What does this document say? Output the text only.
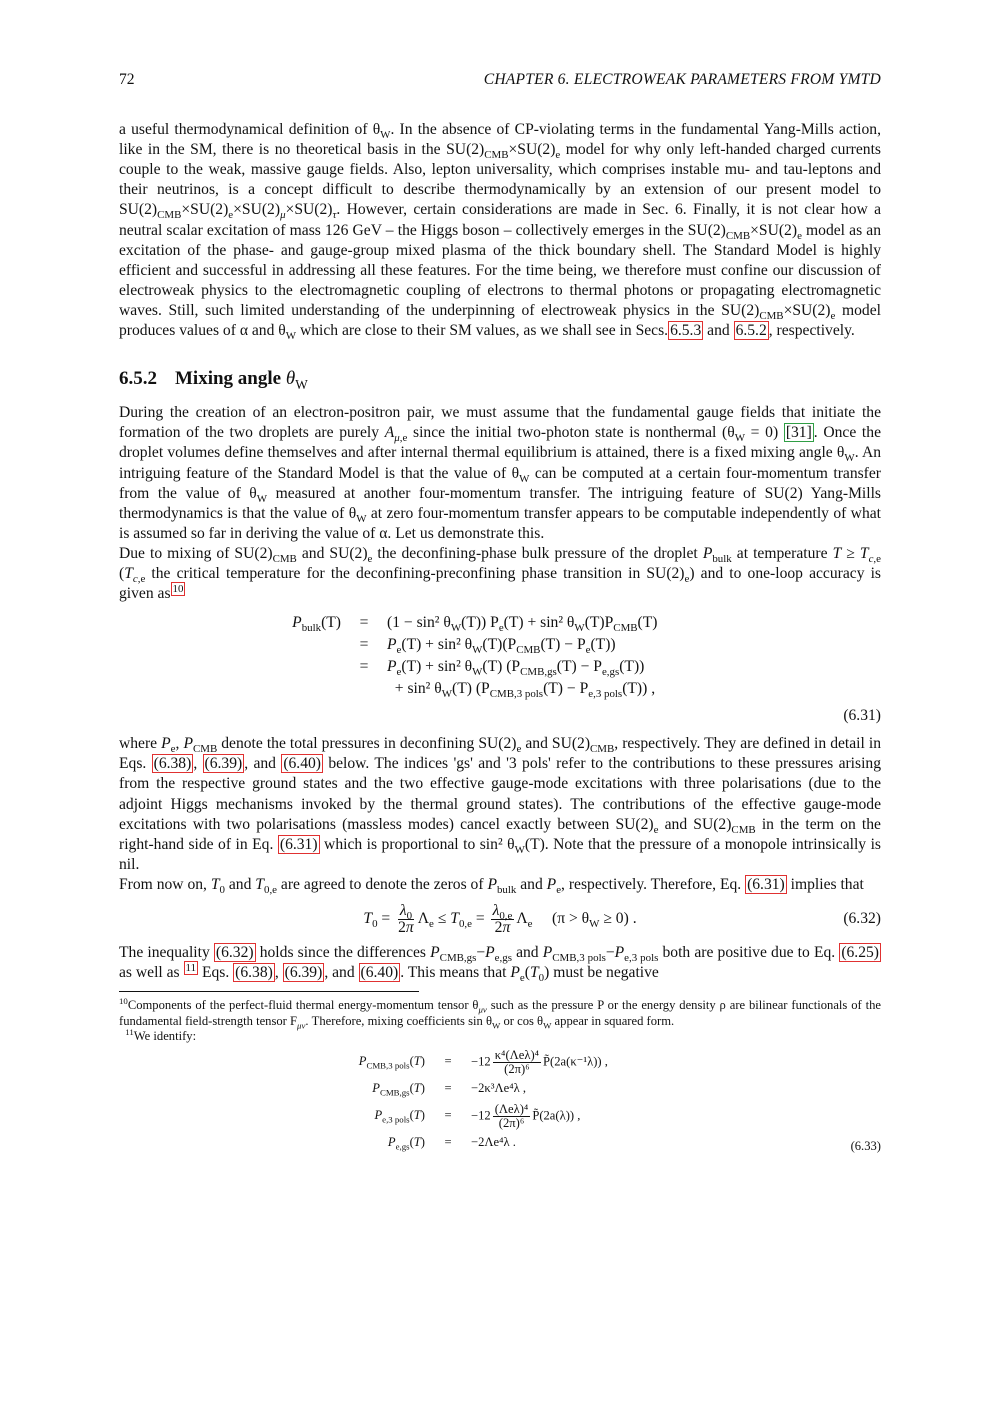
72	CHAPTER 6. ELECTROWEAK PARAMETERS FROM YMTD

a useful thermodynamical definition of $\theta_W$. In the absence of CP-violating terms in the fundamental Yang-Mills action, like in the SM, there is no theoretical basis in the $SU(2)_{CMB}\times SU(2)_e$ model for why only left-handed charged currents couple to the weak, massive gauge fields. Also, lepton universality, which comprises instable mu- and tau-leptons and their neutrinos, is a concept difficult to describe thermodynamically by an extension of our present model to $SU(2)_{CMB}\times SU(2)_e\times SU(2)_\mu\times SU(2)_\tau$. However, certain considerations are made in Sec. 6. Finally, it is not clear how a neutral scalar excitation of mass 126 GeV – the Higgs boson – collectively emerges in the $SU(2)_{CMB}\times SU(2)_e$ model as an excitation of the phase- and gauge-group mixed plasma of the thick boundary shell. The Standard Model is highly efficient and successful in addressing all these features. For the time being, we therefore must confine our discussion of electroweak physics to the electromagnetic coupling of electrons to thermal photons or propagating electromagnetic waves. Still, such limited understanding of the underpinning of electroweak physics in the $SU(2)_{CMB}\times SU(2)_e$ model produces values of α and $\theta_W$ which are close to their SM values, as we shall see in Secs. 6.5.3 and 6.5.2 , respectively.

6.5.2 Mixing angle $\theta_W$

During the creation of an electron-positron pair, we must assume that the fundamental gauge fields that initiate the formation of the two droplets are purely $A_{\mu,e}$ since the initial two-photon state is nonthermal $(\theta_W = 0)$ [31] . Once the droplet volumes define themselves and after internal thermal equilibrium is attained, there is a fixed mixing angle $\theta_W$. An intriguing feature of the Standard Model is that the value of $\theta_W$ can be computed at a certain four-momentum transfer from the value of $\theta_W$ measured at another four-momentum transfer. The intriguing feature of SU(2) Yang-Mills thermodynamics is that the value of $\theta_W$ at zero four-momentum transfer appears to be computable independently of what is assumed so far in deriving the value of α. Let us demonstrate this.

Due to mixing of $SU(2)_{CMB}$ and $SU(2)_e$ the deconfining-phase bulk pressure of the droplet $P_{bulk}$ at temperature $T \ge T_{c,e}$ ($T_{c,e}$ the critical temperature for the deconfining-preconfining phase transition in $SU(2)_e$) and to one-loop accuracy is given as $^{10}$

$P_{bulk}(T)$	=	(1 − sin² $\theta_W(T)$) $P_e(T) + \sin^2$ $\theta_W(T)P_{CMB}(T)$
=	$P_e(T) + \sin^2$ $\theta_W(T)(P_{CMB}(T) - P_e(T))$
=	$P_e(T) + \sin^2$ $\theta_W(T) (P_{CMB,gs}(T) - P_{e,gs}(T))$
+ sin² $\theta_W(T) (P_{CMB,3 pols}(T) - P_{e,3 pols}(T))$ ,
(6.31)

where $P_e$, $P_{CMB}$ denote the total pressures in deconfining $SU(2)_e$ and $SU(2)_{CMB}$, respectively. They are defined in detail in Eqs. (6.38) , (6.39) , and (6.40) below. The indices 'gs' and '3 pols' refer to the contributions to these pressures arising from the respective ground states and the two effective gauge-mode excitations with three polarisations (due to the adjoint Higgs mechanisms invoked by the thermal ground states). The contributions of the effective gauge-mode excitations with two polarisations (massless modes) cancel exactly between $SU(2)_e$ and $SU(2)_{CMB}$ in the term on the right-hand side of in Eq. (6.31) which is proportional to sin² $\theta_W(T)$. Note that the pressure of a monopole intrinsically is nil.

From now on, $T_0$ and $T_{0,e}$ are agreed to denote the zeros of $P_{bulk}$ and $P_e$, respectively. Therefore, Eq. (6.31) implies that

$T_0 = \frac{\lambda_0}{2\pi} \Lambda_e \le T_{0,e} = \frac{\lambda_{0,e}}{2\pi} \Lambda_e$ $(\pi > \theta_W \ge 0)$ .	(6.32)

The inequality (6.32) holds since the differences $P_{CMB,gs}-P_{e,gs}$ and $P_{CMB,3 pols}-P_{e,3 pols}$ both are positive due to Eq. (6.25) as well as $^{11}$ Eqs. (6.38) , (6.39) , and (6.40) . This means that $P_e(T_0)$ must be negative

$^{10}$Components of the perfect-fluid thermal energy-momentum tensor $\theta_{\mu\nu}$ such as the pressure P or the energy density ρ are bilinear functionals of the fundamental field-strength tensor $F_{\mu\nu}$. Therefore, mixing coefficients $\sin \theta_W$ or $\cos \theta_W$ appear in squared form.
$^{11}$We identify:
$P_{CMB,3 pols}(T)$	=	$-12 \frac{\text{κ⁴(Λeλ)⁴}}{\text{(2π)⁶}}$ P̃(2a(κ⁻¹λ)) ,
$P_{CMB,gs}(T)$	=	−2κ³Λe⁴λ ,
$P_{e,3 pols}(T)$	=	$-12 \frac{\text{(Λeλ)⁴}}{\text{(2π)⁶}}$ P̃(2a(λ)) ,
$P_{e,gs}(T)$	=	−2Λe⁴λ .	(6.33)
